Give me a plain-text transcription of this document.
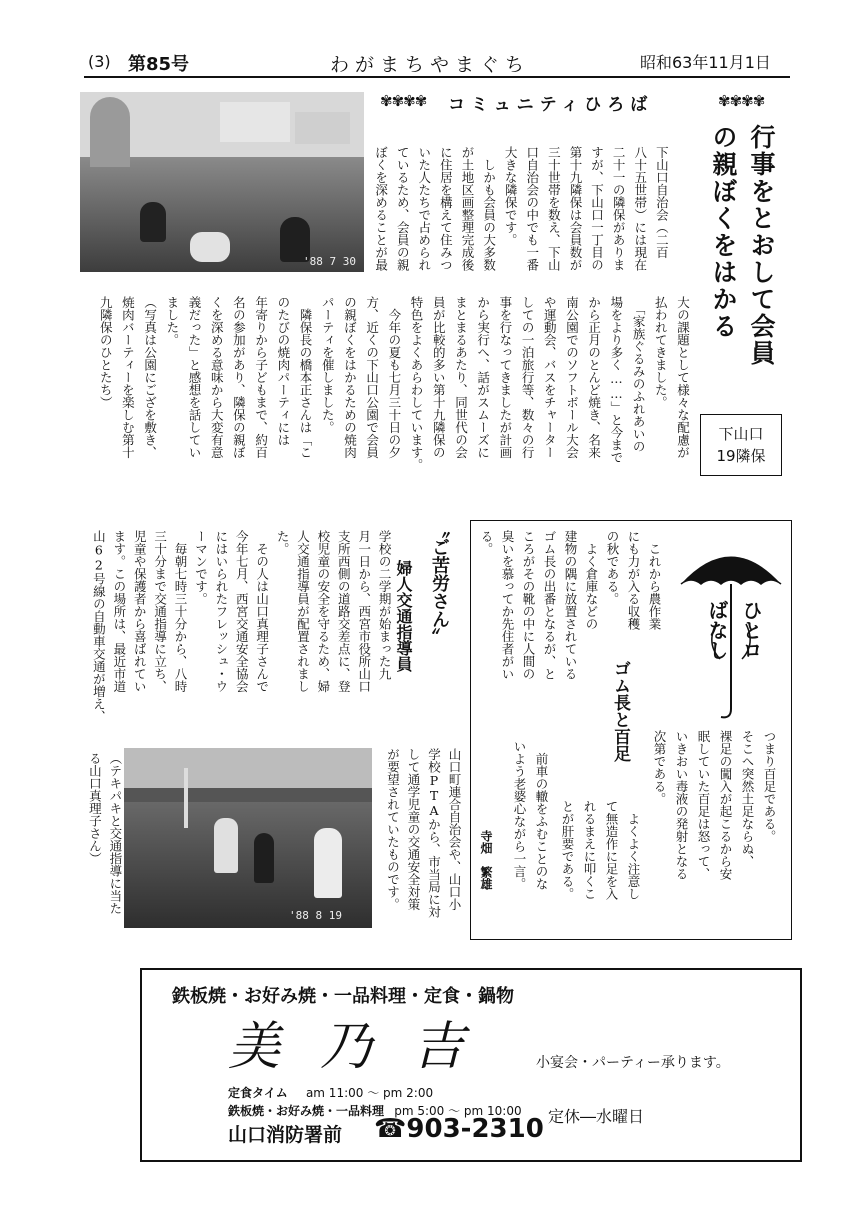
(3) 第85号	わがまちやまぐち	昭和63年11月1日
✾✾✾✾ コミュニティひろば	✾✾✾✾
'88 7 30	行事をとおして会員
の親ぼくをはかる
下山口
19隣保
下山口自治会（二百
八十五世帯）には現在
二十一の隣保がありま
すが、下山口一丁目の
第十九隣保は会員数が
三十世帯を数え、下山
口自治会の中でも一番
大きな隣保です。
　しかも会員の大多数
が土地区画整理完成後
に住居を構えて住みつ
いた人たちで占められ
ているため、会員の親
ぼくを深めることが最
大の課題として様々な配慮が
払われてきました。
　「家族ぐるみのふれあいの
場をより多く……」と今まで
から正月のとんど焼き、名来
南公園でのソフトボール大会
や運動会、バスをチャーター
しての一泊旅行等、数々の行
事を行なってきましたが計画
から実行へ、話がスムーズに
まとまるあたり、同世代の会
員が比較的多い第十九隣保の
特色をよくあらわしています。
　今年の夏も七月三十日の夕
方、近くの下山口公園で会員
の親ぼくをはかるための焼肉
パーティを催しました。
　隣保長の橋本正さんは「こ
のたびの焼肉パーティには
年寄りから子どもまで、約百
名の参加があり、隣保の親ぼ
くを深める意味から大変有意
義だった」と感想を話してい
ました。
（写真は公園にござを敷き、
焼肉バーティーを楽しむ第十
九隣保のひとたち）
ひとロ
ばなし
つまり百足である。
そこへ突然土足ならぬ、
裸足の闖入が起こるから安
眠していた百足は怒って、
いきおい毒液の発射となる
次第である。
　よくよく注意し
て無造作に足を入
れるまえに叩くこ
とが肝要である。
ゴム長と百足
　前車の轍をふむことのな
いよう老婆心ながら一言。
寺畑　繁雄
　これから農作業
にも力が入る収穫
の秋である。
　よく倉庫などの
建物の隅に放置されている
ゴム長の出番となるが、と
ころがその靴の中に人間の
臭いを慕ってか先住者がい
る。
〝ご苦労さん〟
婦人交通指導員
学校の二学期が始まった九
月一日から、西宮市役所山口
支所西側の道路交差点に、登
校児童の安全を守るため、婦
人交通指導員が配置されまし
た。
　その人は山口真理子さんで
今年七月、西宮交通安全協会
にはいられたフレッシュ・ウ
ーマンです。
　毎朝七時三十分から、八時
三十分まで交通指導に立ち、
児童や保護者から喜ばれてい
ます。この場所は、最近市道
山62号線の自動車交通が増え、
山口町連合自治会や、山口小
学校PTAから、市当局に対
して通学児童の交通安全対策
が要望されていたものです。
'88 8 19
（テキパキと交通指導に当た
る山口真理子さん）
鉄板焼・お好み焼・一品料理・定食・鍋物
美乃吉 小宴会・パーティー承ります。
定食タイム am 11:00 ～ pm 2:00
鉄板焼・お好み焼・一品料理 pm 5:00 ～ pm 10:00 定休―水曜日
山口消防署前 ☎903-2310
